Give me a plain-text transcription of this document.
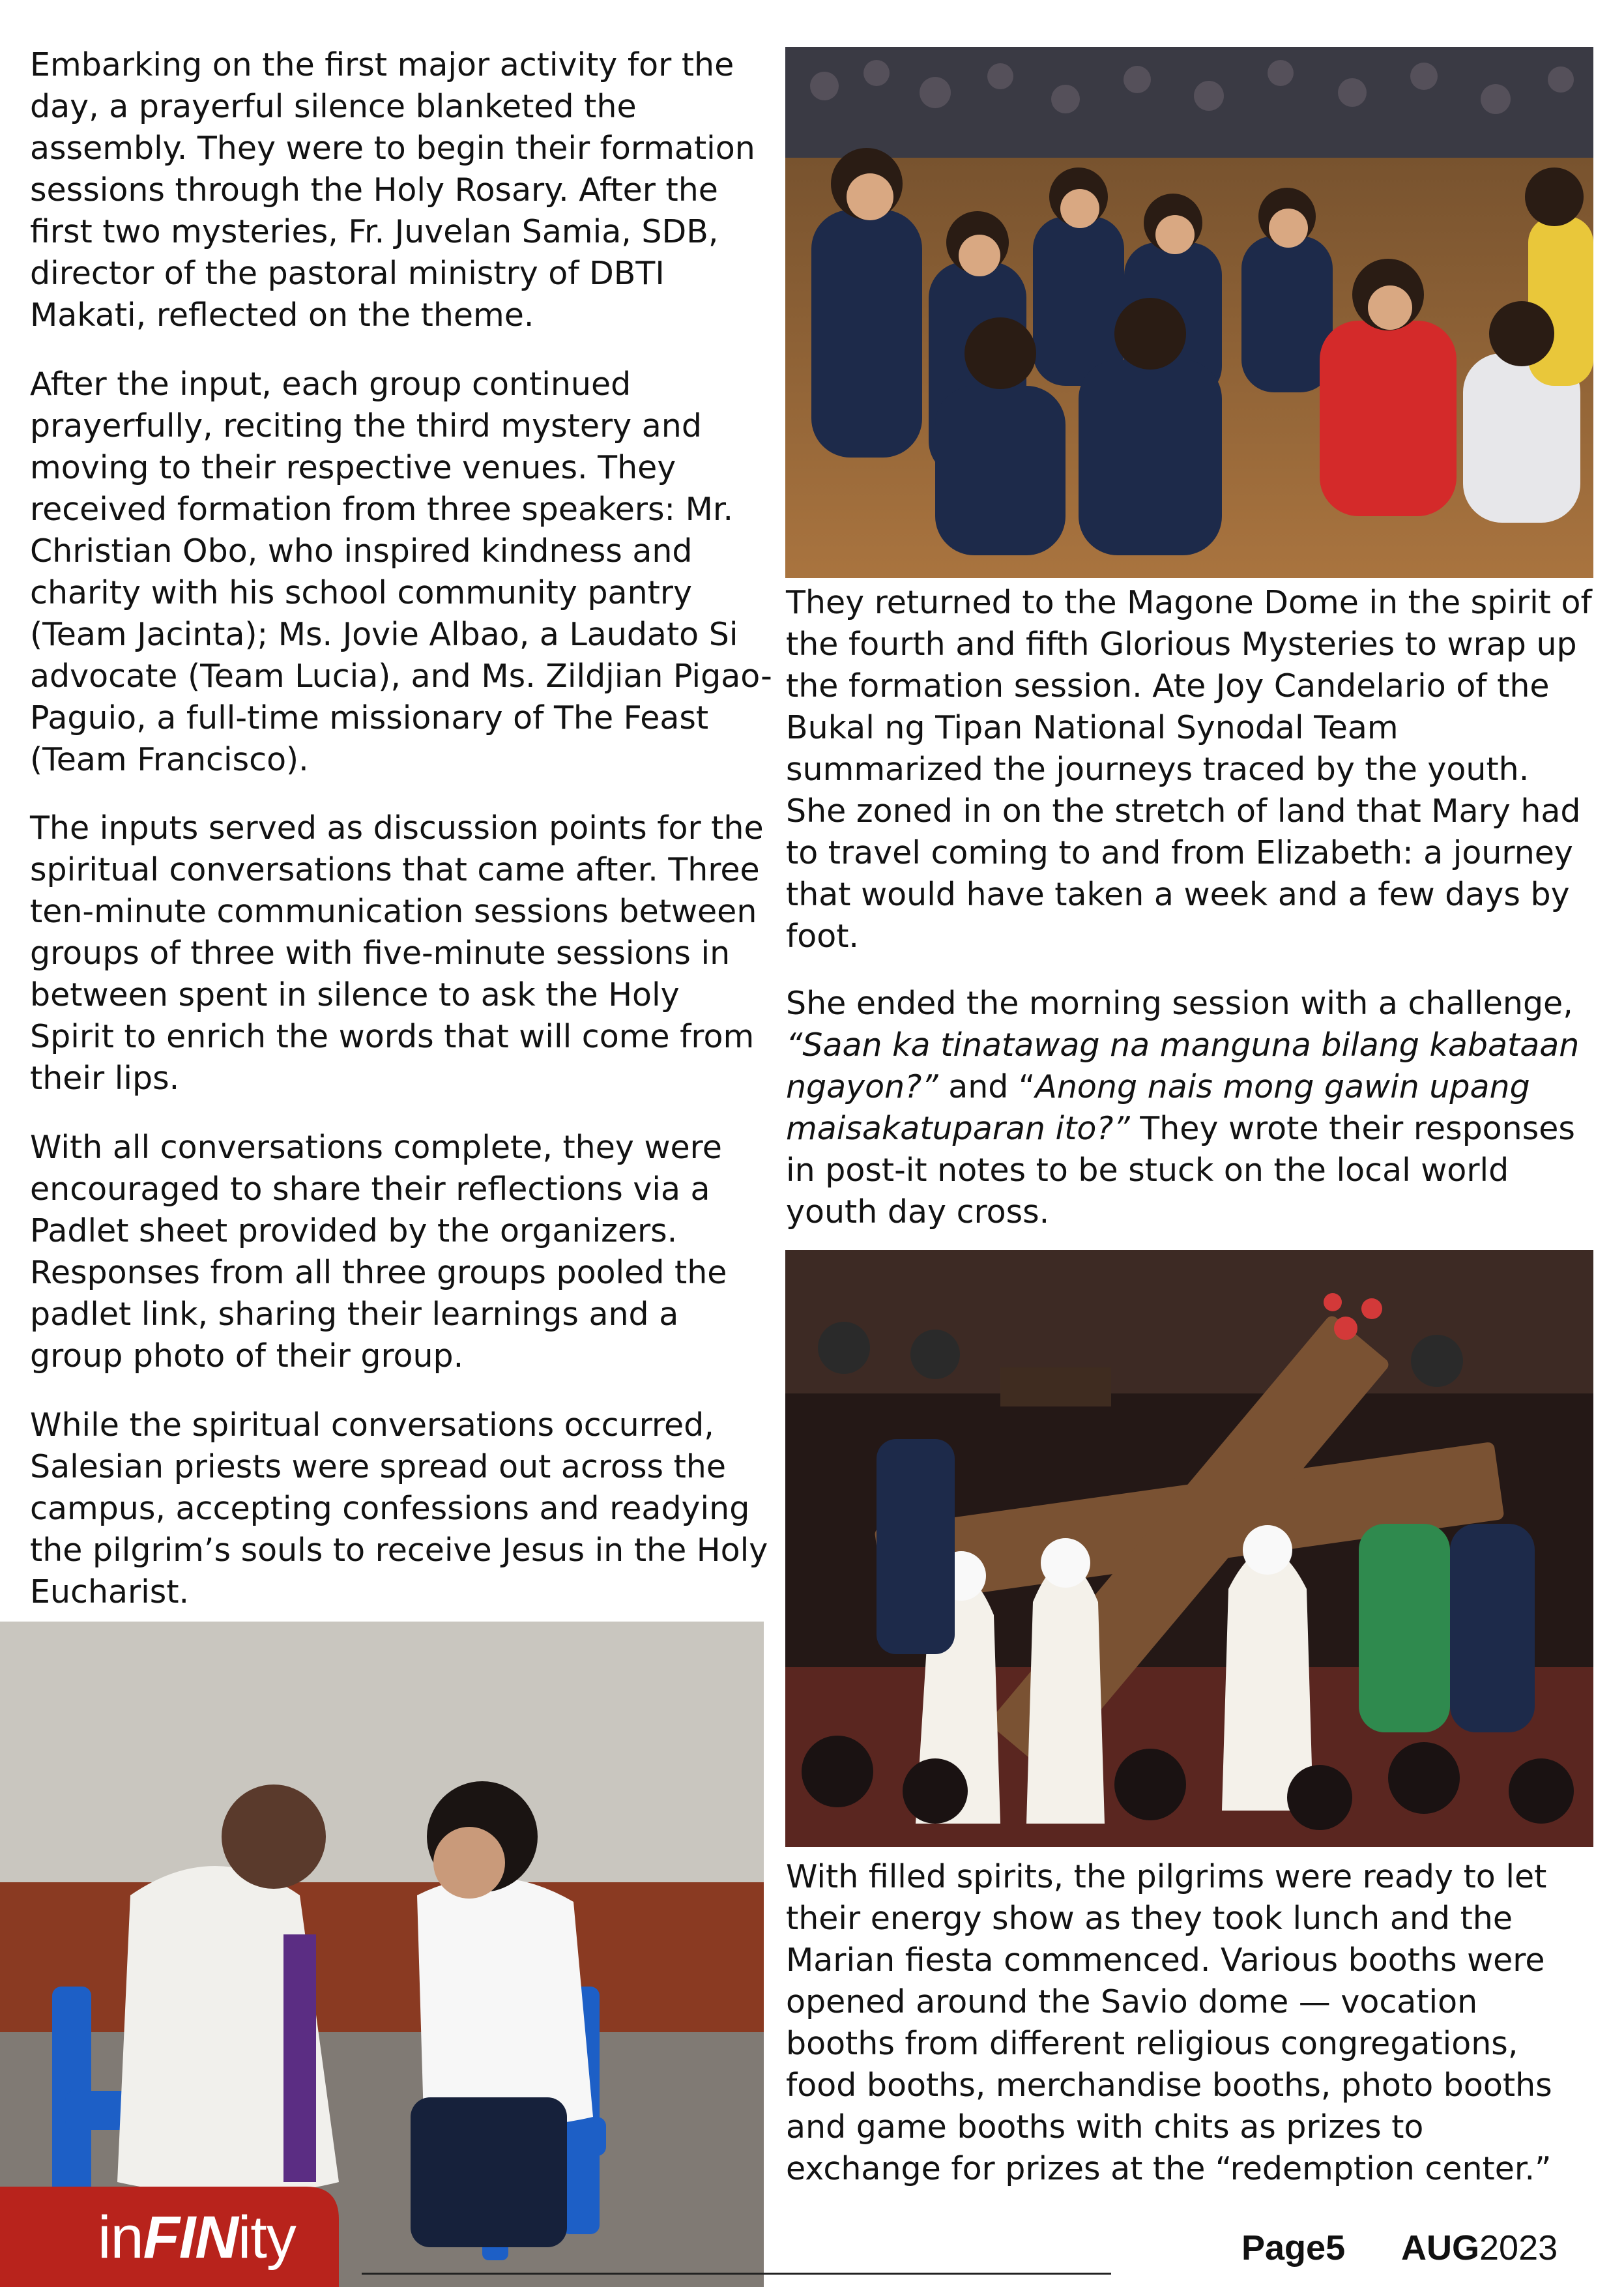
Embarking on the first major activity for the day, a prayerful silence blanketed the assembly. They were to begin their formation sessions through the Holy Rosary. After the first two mysteries, Fr. Juvelan Samia, SDB, director of the pastoral ministry of DBTI Makati, reflected on the theme.

After the input, each group continued prayerfully, reciting the third mystery and moving to their respective venues. They received formation from three speakers: Mr. Christian Obo, who inspired kindness and charity with his school community pantry (Team Jacinta); Ms. Jovie Albao, a Laudato Si advocate (Team Lucia), and Ms. Zildjian Pigao-Paguio, a full-time missionary of The Feast (Team Francisco).

The inputs served as discussion points for the spiritual conversations that came after. Three ten-minute communication sessions between groups of three with five-minute sessions in between spent in silence to ask the Holy Spirit to enrich the words that will come from their lips.

With all conversations complete, they were encouraged to share their reflections via a Padlet sheet provided by the organizers. Responses from all three groups pooled the padlet link, sharing their learnings and a group photo of their group.

While the spiritual conversations occurred, Salesian priests were spread out across the campus, accepting confessions and readying the pilgrim’s souls to receive Jesus in the Holy Eucharist.

They returned to the Magone Dome in the spirit of the fourth and fifth Glorious Mysteries to wrap up the formation session. Ate Joy Candelario of the Bukal ng Tipan National Synodal Team summarized the journeys traced by the youth. She zoned in on the stretch of land that Mary had to travel coming to and from Elizabeth: a journey that would have taken a week and a few days by foot.

She ended the morning session with a challenge, “Saan ka tinatawag na manguna bilang kabataan ngayon?” and “Anong nais mong gawin upang maisakatuparan ito?” They wrote their responses in post-it notes to be stuck on the local world youth day cross.

With filled spirits, the pilgrims were ready to let their energy show as they took lunch and the Marian fiesta commenced. Various booths were opened around the Savio dome — vocation booths from different religious congregations, food booths, merchandise booths, photo booths and game booths with chits as prizes to exchange for prizes at the “redemption center.”

Photos by Mr. Jonas Rivera
inFINity	Page5 AUG2023
